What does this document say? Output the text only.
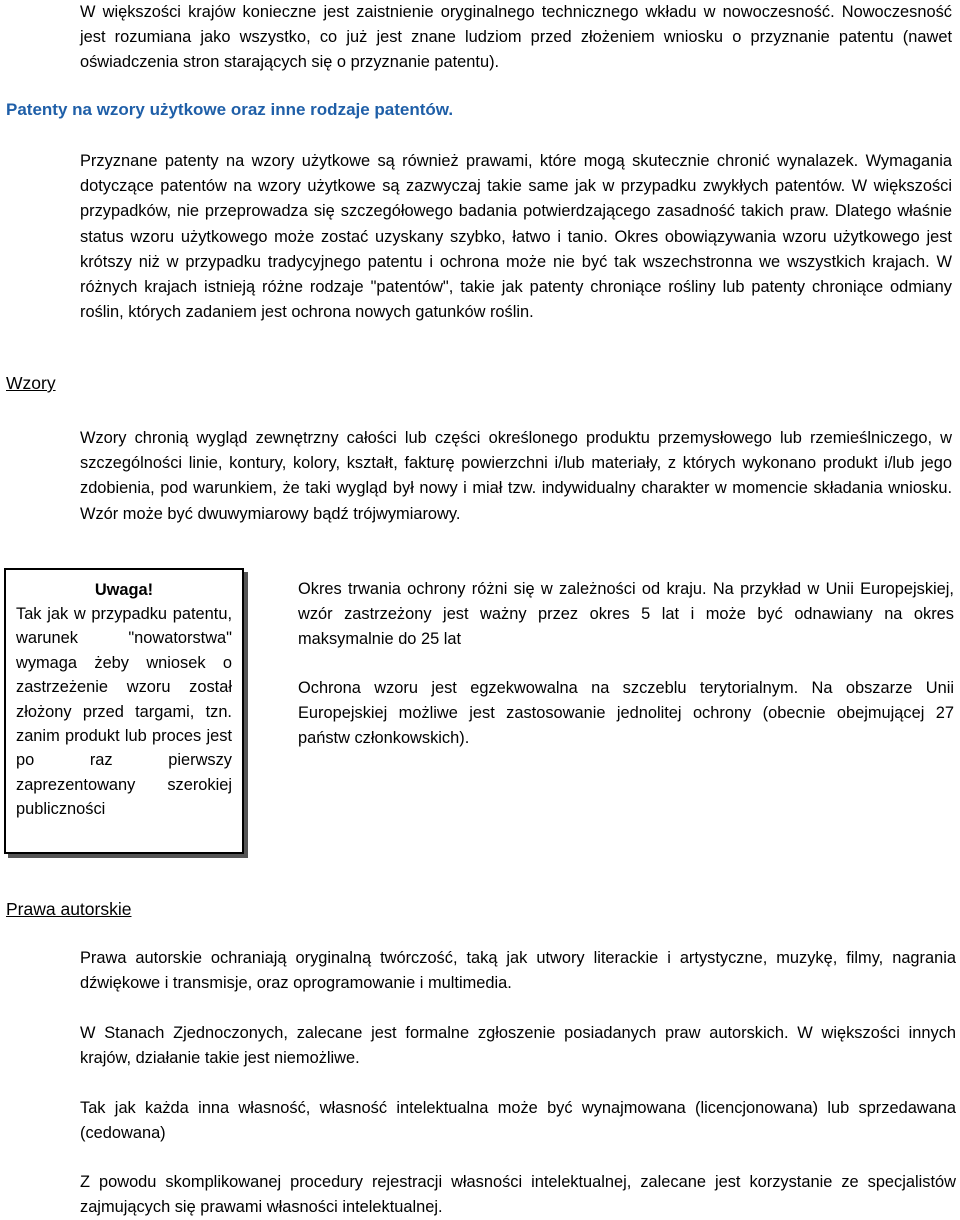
W większości krajów konieczne jest zaistnienie oryginalnego technicznego wkładu w nowoczesność. Nowoczesność jest rozumiana jako wszystko, co już jest znane ludziom przed złożeniem wniosku o przyznanie patentu (nawet oświadczenia stron starających się o przyznanie patentu).

Patenty na wzory użytkowe oraz inne rodzaje patentów.

Przyznane patenty na wzory użytkowe są również prawami, które mogą skutecznie chronić wynalazek. Wymagania dotyczące patentów na wzory użytkowe są zazwyczaj takie same jak w przypadku zwykłych patentów. W większości przypadków, nie przeprowadza się szczegółowego badania potwierdzającego zasadność takich praw. Dlatego właśnie status wzoru użytkowego może zostać uzyskany szybko, łatwo i tanio. Okres obowiązywania wzoru użytkowego jest krótszy niż w przypadku tradycyjnego patentu i ochrona może nie być tak wszechstronna we wszystkich krajach. W różnych krajach istnieją różne rodzaje "patentów", takie jak patenty chroniące rośliny lub patenty chroniące odmiany roślin, których zadaniem jest ochrona nowych gatunków roślin.

Wzory

Wzory chronią wygląd zewnętrzny całości lub części określonego produktu przemysłowego lub rzemieślniczego, w szczególności linie, kontury, kolory, kształt, fakturę powierzchni i/lub materiały, z których wykonano produkt i/lub jego zdobienia, pod warunkiem, że taki wygląd był nowy i miał tzw. indywidualny charakter w momencie składania wniosku. Wzór może być dwuwymiarowy bądź trójwymiarowy.

Uwaga!

Tak jak w przypadku patentu, warunek "nowatorstwa" wymaga żeby wniosek o zastrzeżenie wzoru został złożony przed targami, tzn. zanim produkt lub proces jest po raz pierwszy zaprezentowany szerokiej publiczności

Okres trwania ochrony różni się w zależności od kraju. Na przykład w Unii Europejskiej, wzór zastrzeżony jest ważny przez okres 5 lat i może być odnawiany na okres maksymalnie do 25 lat

Ochrona wzoru jest egzekwowalna na szczeblu terytorialnym. Na obszarze Unii Europejskiej możliwe jest zastosowanie jednolitej ochrony (obecnie obejmującej 27 państw członkowskich).

Prawa autorskie

Prawa autorskie ochraniają oryginalną twórczość, taką jak utwory literackie i artystyczne, muzykę, filmy, nagrania dźwiękowe i transmisje, oraz oprogramowanie i multimedia.

W Stanach Zjednoczonych, zalecane jest formalne zgłoszenie posiadanych praw autorskich. W większości innych krajów, działanie takie jest niemożliwe.

Tak jak każda inna własność, własność intelektualna może być wynajmowana (licencjonowana) lub sprzedawana (cedowana)

Z powodu skomplikowanej procedury rejestracji własności intelektualnej, zalecane jest korzystanie ze specjalistów zajmujących się prawami własności intelektualnej.
